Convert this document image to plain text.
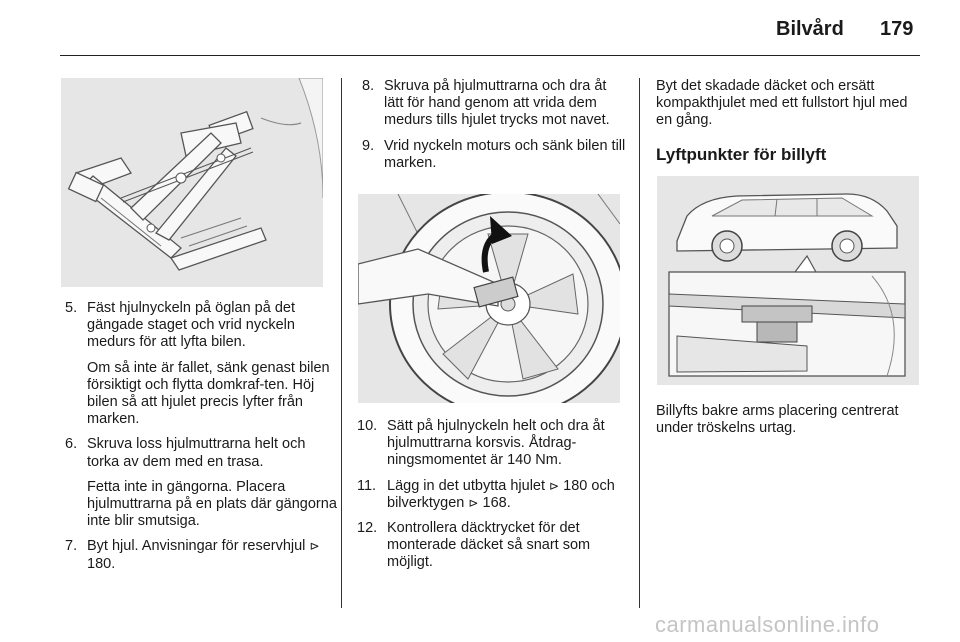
Bilvård 179
5. Fäst hjulnyckeln på öglan på det gängade staget och vrid nyckeln medurs för att lyfta bilen.

Om så inte är fallet, sänk genast bilen försiktigt och flytta domkraf-ten. Höj bilen så att hjulet precis lyfter från marken.

6. Skruva loss hjulmuttrarna helt och torka av dem med en trasa.

Fetta inte in gängorna. Placera hjulmuttrarna på en plats där gängorna inte blir smutsiga.

7. Byt hjul. Anvisningar för reservhjul ⊳ 180.

8. Skruva på hjulmuttrarna och dra åt lätt för hand genom att vrida dem medurs tills hjulet trycks mot navet.

9. Vrid nyckeln moturs och sänk bilen till marken.

10. Sätt på hjulnyckeln helt och dra åt hjulmuttrarna korsvis. Åtdrag-ningsmomentet är 140 Nm.

11. Lägg in det utbytta hjulet ⊳ 180 och bilverktygen ⊳ 168.

12. Kontrollera däcktrycket för det monterade däcket så snart som möjligt.

Byt det skadade däcket och ersätt kompakthjulet med ett fullstort hjul med en gång.

Lyftpunkter för billyft

Billyfts bakre arms placering centrerat under tröskelns urtag.

carmanualsonline.info
